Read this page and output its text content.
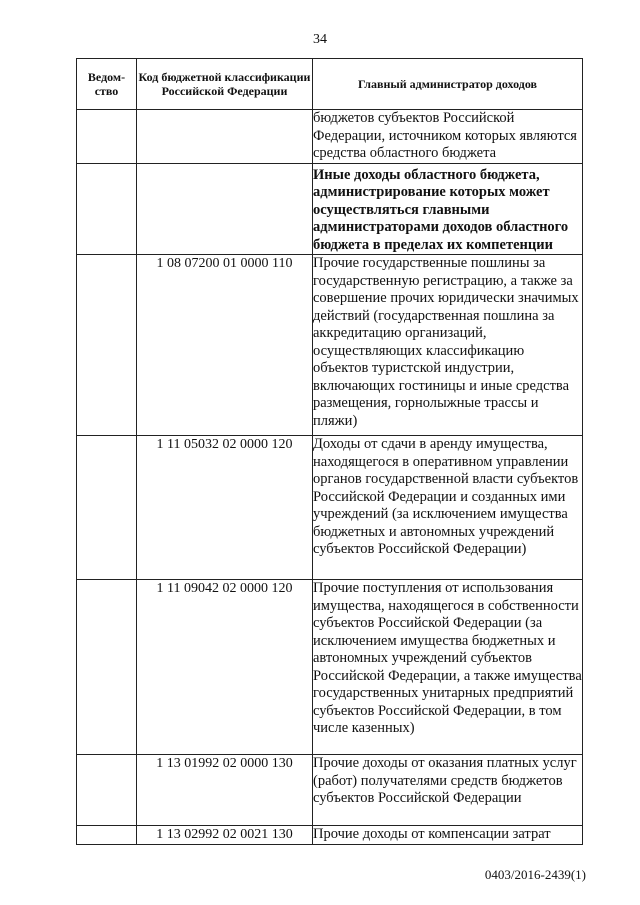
34
Ведом-
ство	Код бюджетной классификации Российской Федерации	Главный администратор доходов
		бюджетов субъектов Российской Федерации, источником которых являются средства областного бюджета
		Иные доходы областного бюджета, администрирование которых может осуществляться главными администраторами доходов областного бюджета в пределах их компетенции
	1 08 07200 01 0000 110	Прочие государственные пошлины за государственную регистрацию, а также за совершение прочих юридически значимых действий (государственная пошлина за аккредитацию организаций, осуществляющих классификацию объектов туристской индустрии, включающих гостиницы и иные средства размещения, горнолыжные трассы и пляжи)
	1 11 05032 02 0000 120	Доходы от сдачи в аренду имущества, находящегося в оперативном управлении органов государственной власти субъектов Российской Федерации и созданных ими учреждений (за исключением имущества бюджетных и автономных учреждений субъектов Российской Федерации)
	1 11 09042 02 0000 120	Прочие поступления от использования имущества, находящегося в собственности субъектов Российской Федерации (за исключением имущества бюджетных и автономных учреждений субъектов Российской Федерации, а также имущества государственных унитарных предприятий субъектов Российской Федерации, в том числе казенных)
	1 13 01992 02 0000 130	Прочие доходы от оказания платных услуг (работ) получателями средств бюджетов субъектов Российской Федерации
	1 13 02992 02 0021 130	Прочие доходы от компенсации затрат
0403/2016-2439(1)
